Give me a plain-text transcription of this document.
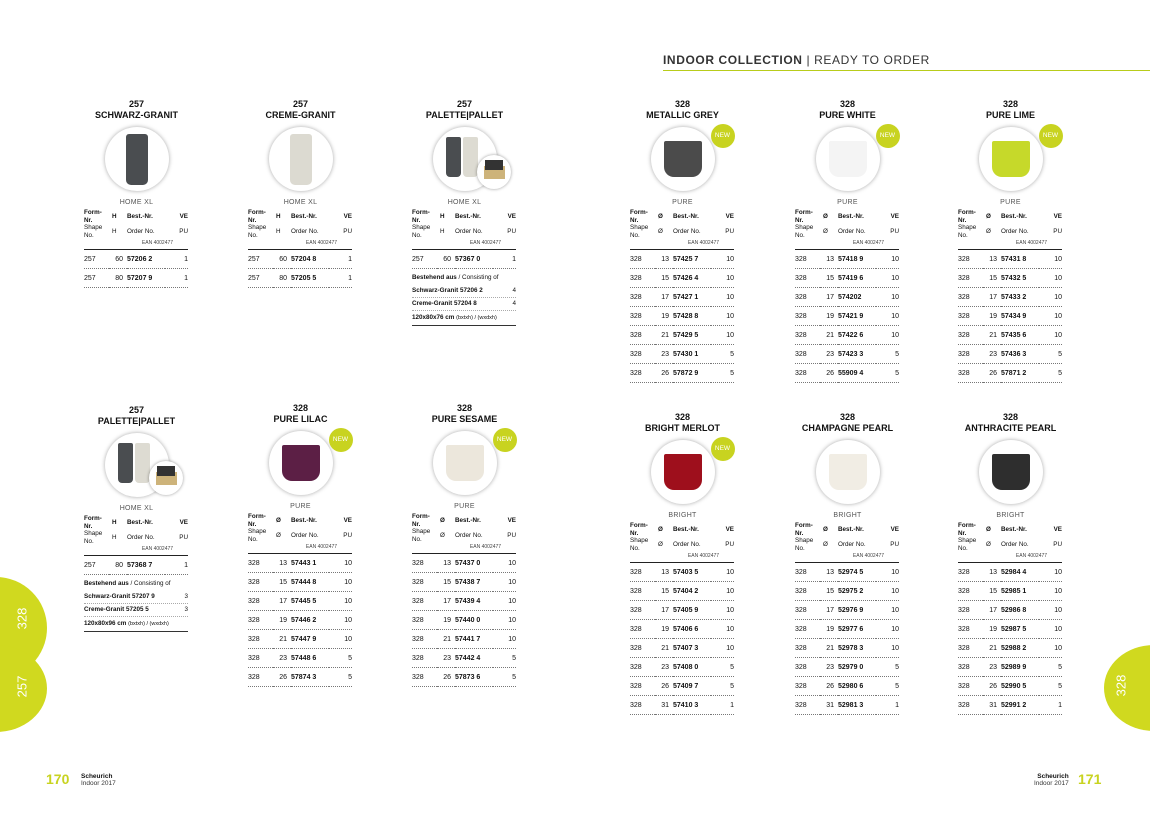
INDOOR COLLECTION | READY TO ORDER
257
SCHWARZ-GRANIT
HOME XL
Form-Nr.	H	Best.-Nr.	VE
Shape No.	H	Order No.	PU
		EAN 4002477	
257	60	57206 2	1
257	80	57207 9	1
257
CREME-GRANIT
HOME XL
Form-Nr.	H	Best.-Nr.	VE
Shape No.	H	Order No.	PU
		EAN 4002477	
257	60	57204 8	1
257	80	57205 5	1
257
PALETTE|PALLET
HOME XL
Form-Nr.	H	Best.-Nr.	VE
Shape No.	H	Order No.	PU
		EAN 4002477	
257	60	57367 0	1
Bestehend aus / Consisting of
Schwarz-Granit 57206 2	4
Creme-Granit 57204 8	4
120x80x76 cm (bxtxh) / (wxdxh)
328
METALLIC GREY
NEW
PURE
Form-Nr.	Ø	Best.-Nr.	VE
Shape No.	Ø	Order No.	PU
		EAN 4002477	
328	13	57425 7	10
328	15	57426 4	10
328	17	57427 1	10
328	19	57428 8	10
328	21	57429 5	10
328	23	57430 1	5
328	26	57872 9	5
328
PURE WHITE
NEW
PURE
Form-Nr.	Ø	Best.-Nr.	VE
Shape No.	Ø	Order No.	PU
		EAN 4002477	
328	13	57418 9	10
328	15	57419 6	10
328	17	574202	10
328	19	57421 9	10
328	21	57422 6	10
328	23	57423 3	5
328	26	55909 4	5
328
PURE LIME
NEW
PURE
Form-Nr.	Ø	Best.-Nr.	VE
Shape No.	Ø	Order No.	PU
		EAN 4002477	
328	13	57431 8	10
328	15	57432 5	10
328	17	57433 2	10
328	19	57434 9	10
328	21	57435 6	10
328	23	57436 3	5
328	26	57871 2	5
257
PALETTE|PALLET
HOME XL
Form-Nr.	H	Best.-Nr.	VE
Shape No.	H	Order No.	PU
		EAN 4002477	
257	80	57368 7	1
Bestehend aus / Consisting of
Schwarz-Granit 57207 9	3
Creme-Granit 57205 5	3
120x80x96 cm (bxtxh) / (wxdxh)
328
PURE LILAC
NEW
PURE
Form-Nr.	Ø	Best.-Nr.	VE
Shape No.	Ø	Order No.	PU
		EAN 4002477	
328	13	57443 1	10
328	15	57444 8	10
328	17	57445 5	10
328	19	57446 2	10
328	21	57447 9	10
328	23	57448 6	5
328	26	57874 3	5
328
PURE SESAME
NEW
PURE
Form-Nr.	Ø	Best.-Nr.	VE
Shape No.	Ø	Order No.	PU
		EAN 4002477	
328	13	57437 0	10
328	15	57438 7	10
328	17	57439 4	10
328	19	57440 0	10
328	21	57441 7	10
328	23	57442 4	5
328	26	57873 6	5
328
BRIGHT MERLOT
NEW
BRIGHT
Form-Nr.	Ø	Best.-Nr.	VE
Shape No.	Ø	Order No.	PU
		EAN 4002477	
328	13	57403 5	10
328	15	57404 2	10
328	17	57405 9	10
328	19	57406 6	10
328	21	57407 3	10
328	23	57408 0	5
328	26	57409 7	5
328	31	57410 3	1
328
CHAMPAGNE PEARL
BRIGHT
Form-Nr.	Ø	Best.-Nr.	VE
Shape No.	Ø	Order No.	PU
		EAN 4002477	
328	13	52974 5	10
328	15	52975 2	10
328	17	52976 9	10
328	19	52977 6	10
328	21	52978 3	10
328	23	52979 0	5
328	26	52980 6	5
328	31	52981 3	1
328
ANTHRACITE PEARL
BRIGHT
Form-Nr.	Ø	Best.-Nr.	VE
Shape No.	Ø	Order No.	PU
		EAN 4002477	
328	13	52984 4	10
328	15	52985 1	10
328	17	52986 8	10
328	19	52987 5	10
328	21	52988 2	10
328	23	52989 9	5
328	26	52990 5	5
328	31	52991 2	1
328
257	328
170 Scheurich
Indoor 2017
Scheurich
Indoor 2017 171
